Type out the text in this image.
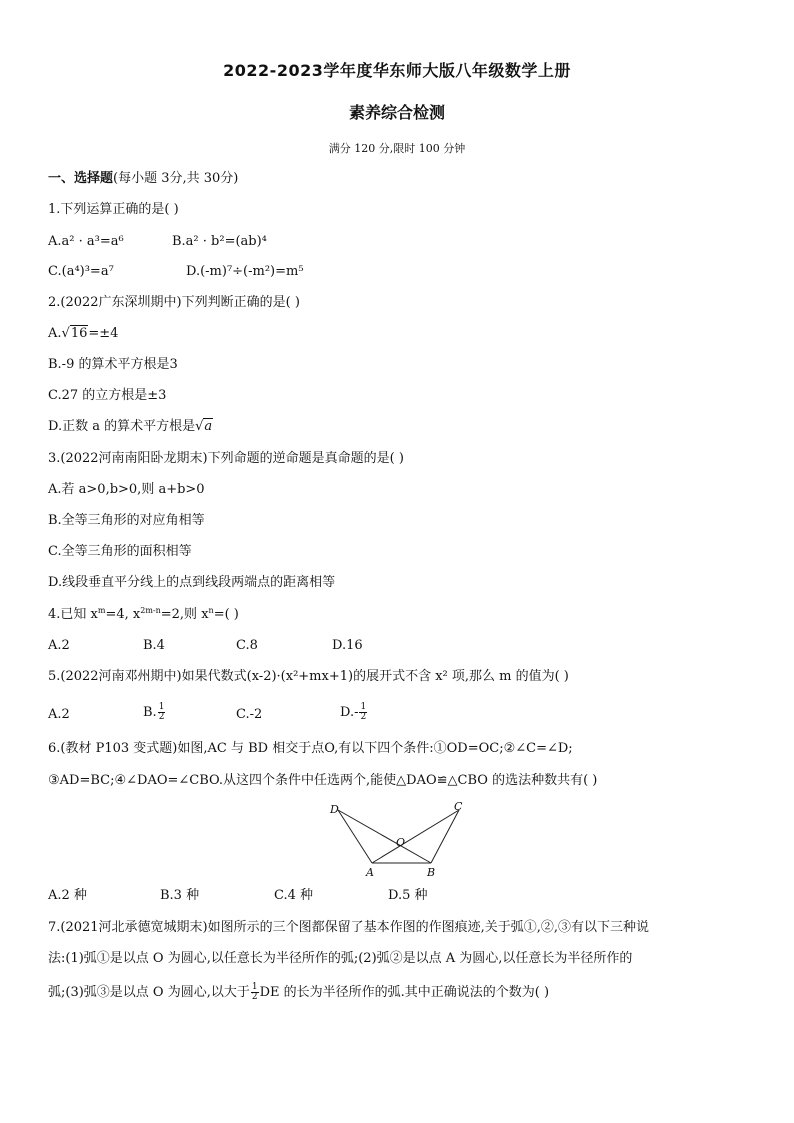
2022-2023学年度华东师大版八年级数学上册
素养综合检测
满分 120 分,限时 100 分钟
一、选择题(每小题 3分,共 30分)
1.下列运算正确的是( )
A.a² · a³=a⁶	B.a² · b²=(ab)⁴
C.(a⁴)³=a⁷	D.(-m)⁷÷(-m²)=m⁵
2.(2022广东深圳期中)下列判断正确的是( )
A.√16=±4
B.-9 的算术平方根是3
C.27 的立方根是±3
D.正数 a 的算术平方根是√a
3.(2022河南南阳卧龙期末)下列命题的逆命题是真命题的是( )
A.若 a>0,b>0,则 a+b>0
B.全等三角形的对应角相等
C.全等三角形的面积相等
D.线段垂直平分线上的点到线段两端点的距离相等
4.已知 $x^m=4$, $x^{2m-n}=2$,则 $x^n=$( )
A.2	B.4	C.8	D.16
5.(2022河南邓州期中)如果代数式(x-2)·(x²+mx+1)的展开式不含 x² 项,那么 m 的值为( )
A.2	B. $\frac{1}{2}$	C.-2	$D.- \frac{1}{2}$
6.(教材 P103 变式题)如图,AC 与 BD 相交于点O,有以下四个条件:①OD=OC;②∠C=∠D;
③AD=BC;④∠DAO=∠CBO.从这四个条件中任选两个,能使△DAO≌△CBO 的选法种数共有( )
D	C
O
A	B
A.2 种	B.3 种	C.4 种	D.5 种
7.(2021河北承德宽城期末)如图所示的三个图都保留了基本作图的作图痕迹,关于弧①,②,③有以下三种说
法:(1)弧①是以点 O 为圆心,以任意长为半径所作的弧;(2)弧②是以点 A 为圆心,以任意长为半径所作的
弧;(3)弧③是以点 O 为圆心,以大于 $\frac{1}{2}$ DE 的长为半径所作的弧.其中正确说法的个数为( )
